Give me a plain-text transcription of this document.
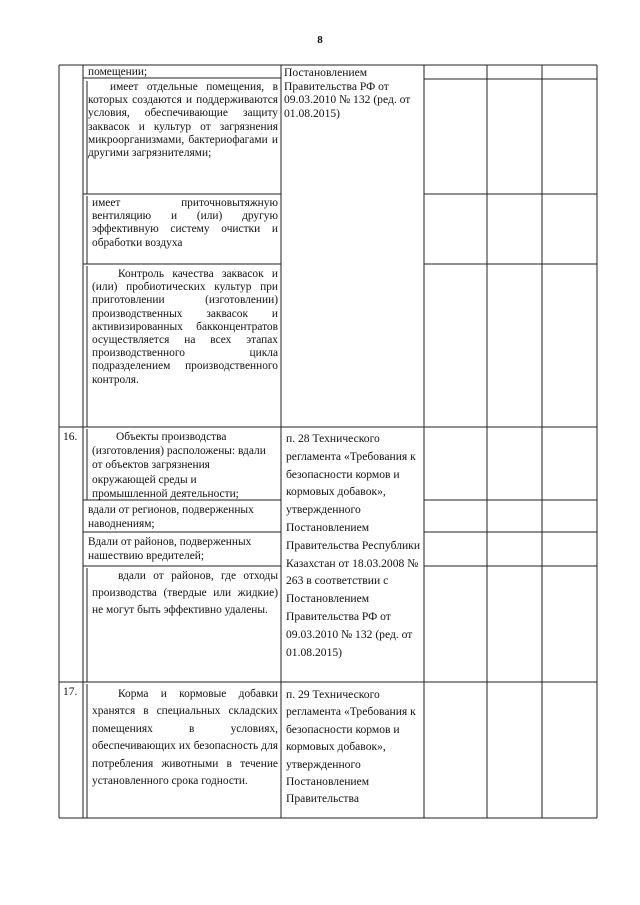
8
помещении;
имеет отдельные помещения, в которых создаются и поддерживаются условия, обеспечивающие защиту заквасок и культур от загрязнения микроорганизмами, бактериофагами и другими загрязнителями;
имеет приточновытяжную вентиляцию и (или) другую эффективную систему очистки и обработки воздуха
Контроль качества заквасок и (или) пробиотических культур при приготовлении (изготовлении) производственных заквасок и активизированных бакконцентратов осуществляется на всех этапах производственного цикла подразделением производственного контроля.
Постановлением Правительства РФ от 09.03.2010 № 132 (ред. от 01.08.2015)
16.	Объекты производства (изготовления) расположены: вдали от объектов загрязнения окружающей среды и промышленной деятельности;
вдали от регионов, подверженных наводнениям;
Вдали от районов, подверженных нашествию вредителей;
вдали от районов, где отходы производства (твердые или жидкие) не могут быть эффективно удалены.
п. 28 Технического регламента «Требования к безопасности кормов и кормовых добавок», утвержденного Постановлением Правительства Республики Казахстан от 18.03.2008 № 263 в соответствии с Постановлением Правительства РФ от 09.03.2010 № 132 (ред. от 01.08.2015)
17.	Корма и кормовые добавки хранятся в специальных складских помещениях в условиях, обеспечивающих их безопасность для потребления животными в течение установленного срока годности.
п. 29 Технического регламента «Требования к безопасности кормов и кормовых добавок», утвержденного Постановлением Правительства
